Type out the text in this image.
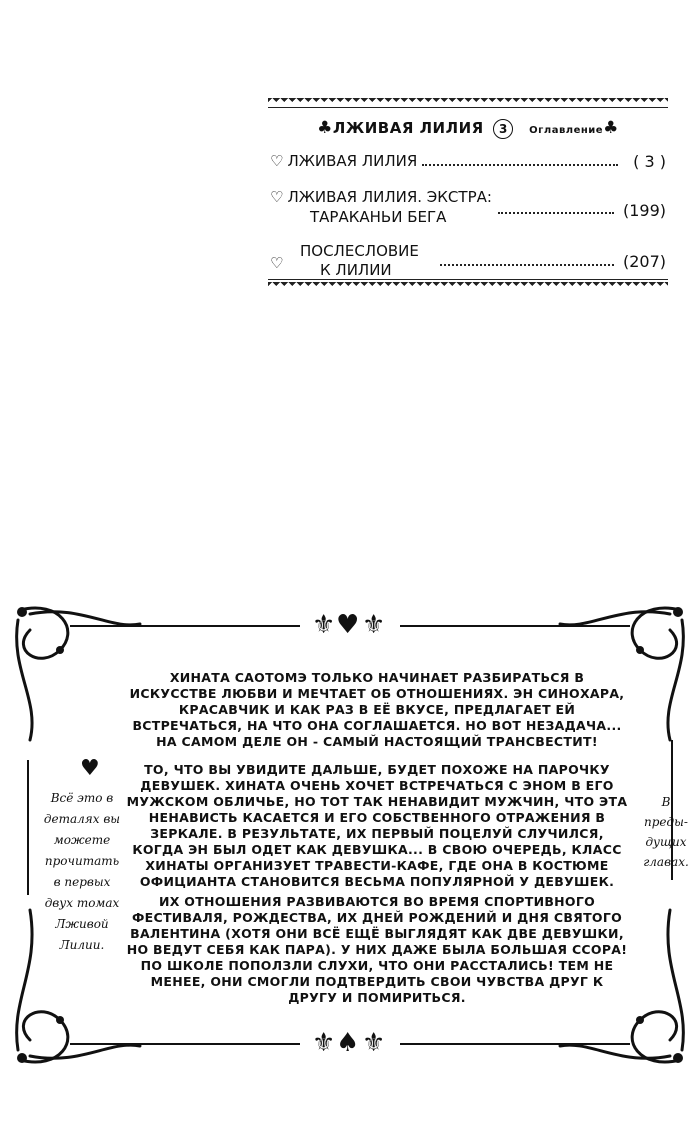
♣ЛЖИВАЯ ЛИЛИЯ 3 Оглавление♣
♡ ЛЖИВАЯ ЛИЛИЯ	( 3 )
♡ ЛЖИВАЯ ЛИЛИЯ. ЭКСТРА:
ТАРАКАНЬИ БЕГА	(199)
♡
ПОСЛЕСЛОВИЕ
К ЛИЛИИ	(207)
⚜ ♥ ⚜
⚜ ♠ ⚜
♥
ХИНАТА САОТОМЭ ТОЛЬКО НАЧИНАЕТ РАЗБИРАТЬСЯ В ИСКУССТВЕ ЛЮБВИ И МЕЧТАЕТ ОБ ОТНОШЕНИЯХ. ЭН СИНОХАРА, КРАСАВЧИК И КАК РАЗ В ЕЁ ВКУСЕ, ПРЕДЛАГАЕТ ЕЙ ВСТРЕЧАТЬСЯ, НА ЧТО ОНА СОГЛАШАЕТСЯ. НО ВОТ НЕЗАДАЧА... НА САМОМ ДЕЛЕ ОН - САМЫЙ НАСТОЯЩИЙ ТРАНСВЕСТИТ!
ТО, ЧТО ВЫ УВИДИТЕ ДАЛЬШЕ, БУДЕТ ПОХОЖЕ НА ПАРОЧКУ ДЕВУШЕК. ХИНАТА ОЧЕНЬ ХОЧЕТ ВСТРЕЧАТЬСЯ С ЭНОМ В ЕГО МУЖСКОМ ОБЛИЧЬЕ, НО ТОТ ТАК НЕНАВИДИТ МУЖЧИН, ЧТО ЭТА НЕНАВИСТЬ КАСАЕТСЯ И ЕГО СОБСТВЕННОГО ОТРАЖЕНИЯ В ЗЕРКАЛЕ. В РЕЗУЛЬТАТЕ, ИХ ПЕРВЫЙ ПОЦЕЛУЙ СЛУЧИЛСЯ, КОГДА ЭН БЫЛ ОДЕТ КАК ДЕВУШКА... В СВОЮ ОЧЕРЕДЬ, КЛАСС ХИНАТЫ ОРГАНИЗУЕТ ТРАВЕСТИ-КАФЕ, ГДЕ ОНА В КОСТЮМЕ ОФИЦИАНТА СТАНОВИТСЯ ВЕСЬМА ПОПУЛЯРНОЙ У ДЕВУШЕК.
ИХ ОТНОШЕНИЯ РАЗВИВАЮТСЯ ВО ВРЕМЯ СПОРТИВНОГО ФЕСТИВАЛЯ, РОЖДЕСТВА, ИХ ДНЕЙ РОЖДЕНИЙ И ДНЯ СВЯТОГО ВАЛЕНТИНА (ХОТЯ ОНИ ВСЁ ЕЩЁ ВЫГЛЯДЯТ КАК ДВЕ ДЕВУШКИ, НО ВЕДУТ СЕБЯ КАК ПАРА). У НИХ ДАЖЕ БЫЛА БОЛЬШАЯ ССОРА! ПО ШКОЛЕ ПОПОЛЗЛИ СЛУХИ, ЧТО ОНИ РАССТАЛИСЬ! ТЕМ НЕ МЕНЕЕ, ОНИ СМОГЛИ ПОДТВЕРДИТЬ СВОИ ЧУВСТВА ДРУГ К ДРУГУ И ПОМИРИТЬСЯ.
Всё это в
деталях вы
можете
прочитать
в первых
двух томах
Лживой
Лилии.
В
преды-
дущих
главах.
